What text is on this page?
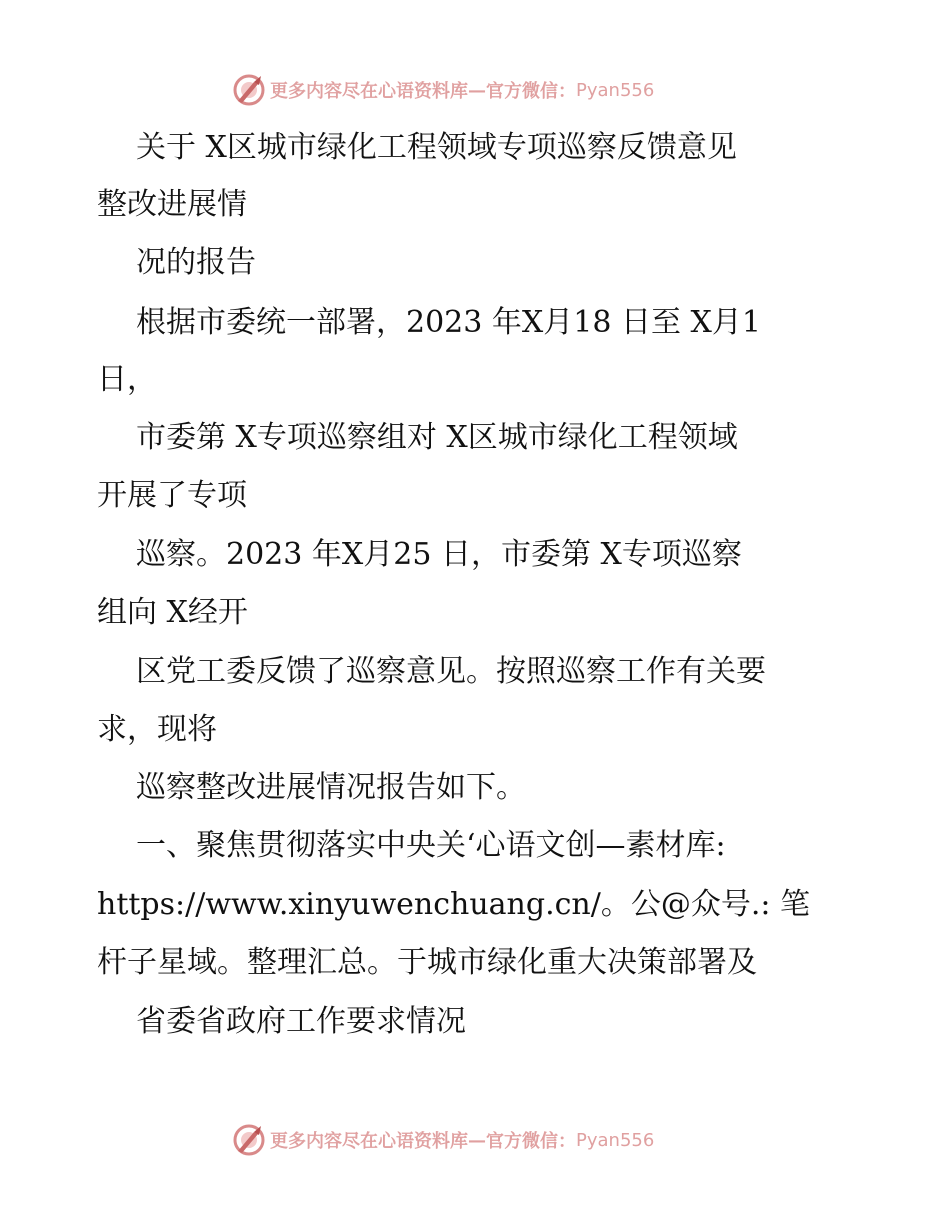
更多内容尽在心语资料库 — 官方微信： Pyan556
关于 X区城市绿化工程领域专项巡察反馈意见
整改进展情
况的报告
根据市委统一部署，2023 年X月18 日至 X月1
日，
市委第 X专项巡察组对 X区城市绿化工程领域
开展了专项
巡察。2023 年X月25 日，市委第 X专项巡察
组向 X经开
区党工委反馈了巡察意见。按照巡察工作有关要
求，现将
巡察整改进展情况报告如下。
一、聚焦贯彻落实中央关‘心语文创—素材库:
https://www.xinyuwenchuang.cn/。公@众号.: 笔
杆子星域。整理汇总。于城市绿化重大决策部署及
省委省政府工作要求情况
更多内容尽在心语资料库 — 官方微信： Pyan556
